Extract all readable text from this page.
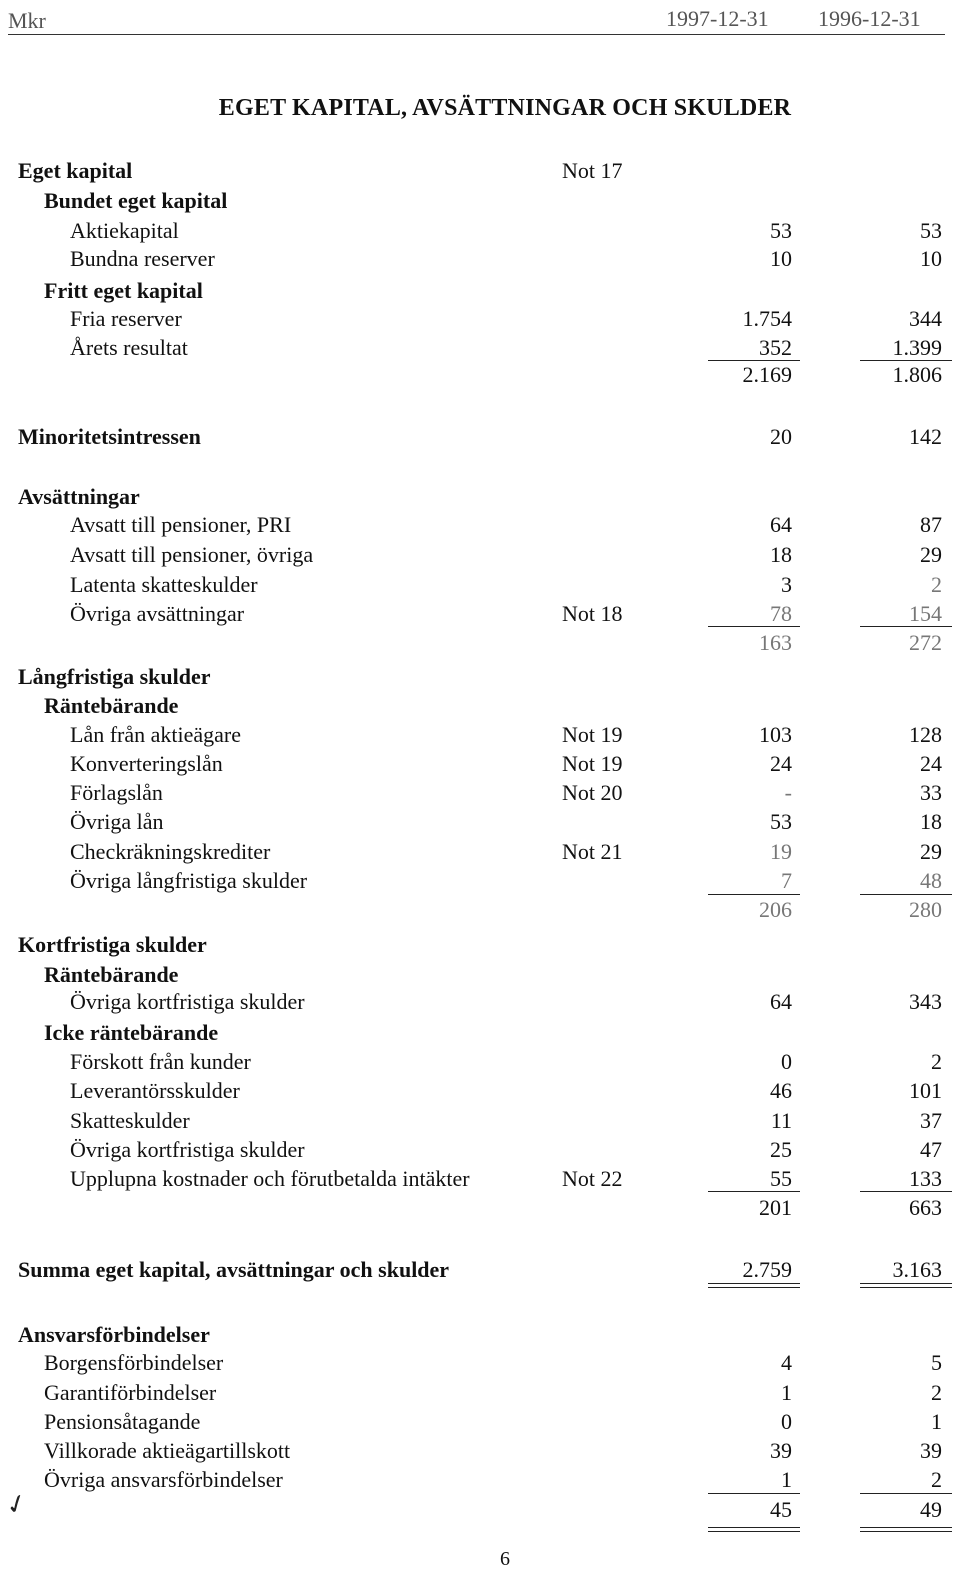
Mkr	1997-12-31 1996-12-31
EGET KAPITAL, AVSÄTTNINGAR OCH SKULDER
Eget kapital	Not 17
Bundet eget kapital
Aktiekapital	53	53
Bundna reserver	10	10
Fritt eget kapital
Fria reserver	1.754	344
Årets resultat	352	1.399
2.169	1.806
Minoritetsintressen	20	142
Avsättningar
Avsatt till pensioner, PRI	64	87
Avsatt till pensioner, övriga	18	29
Latenta skatteskulder	3	2
Övriga avsättningar	Not 18	78	154
163	272
Långfristiga skulder
Räntebärande
Lån från aktieägare	Not 19	103	128
Konverteringslån	Not 19	24	24
Förlagslån	Not 20	-	33
Övriga lån	53	18
Checkräkningskrediter	Not 21	19	29
Övriga långfristiga skulder	7	48
206	280
Kortfristiga skulder
Räntebärande
Övriga kortfristiga skulder	64	343
Icke räntebärande
Förskott från kunder	0	2
Leverantörsskulder	46	101
Skatteskulder	11	37
Övriga kortfristiga skulder	25	47
Upplupna kostnader och förutbetalda intäkter	Not 22	55	133
201	663
Summa eget kapital, avsättningar och skulder	2.759	3.163
Ansvarsförbindelser
Borgensförbindelser	4	5
Garantiförbindelser	1	2
Pensionsåtagande	0	1
Villkorade aktieägartillskott	39	39
Övriga ansvarsförbindelser	1	2
45	49
✓
6
